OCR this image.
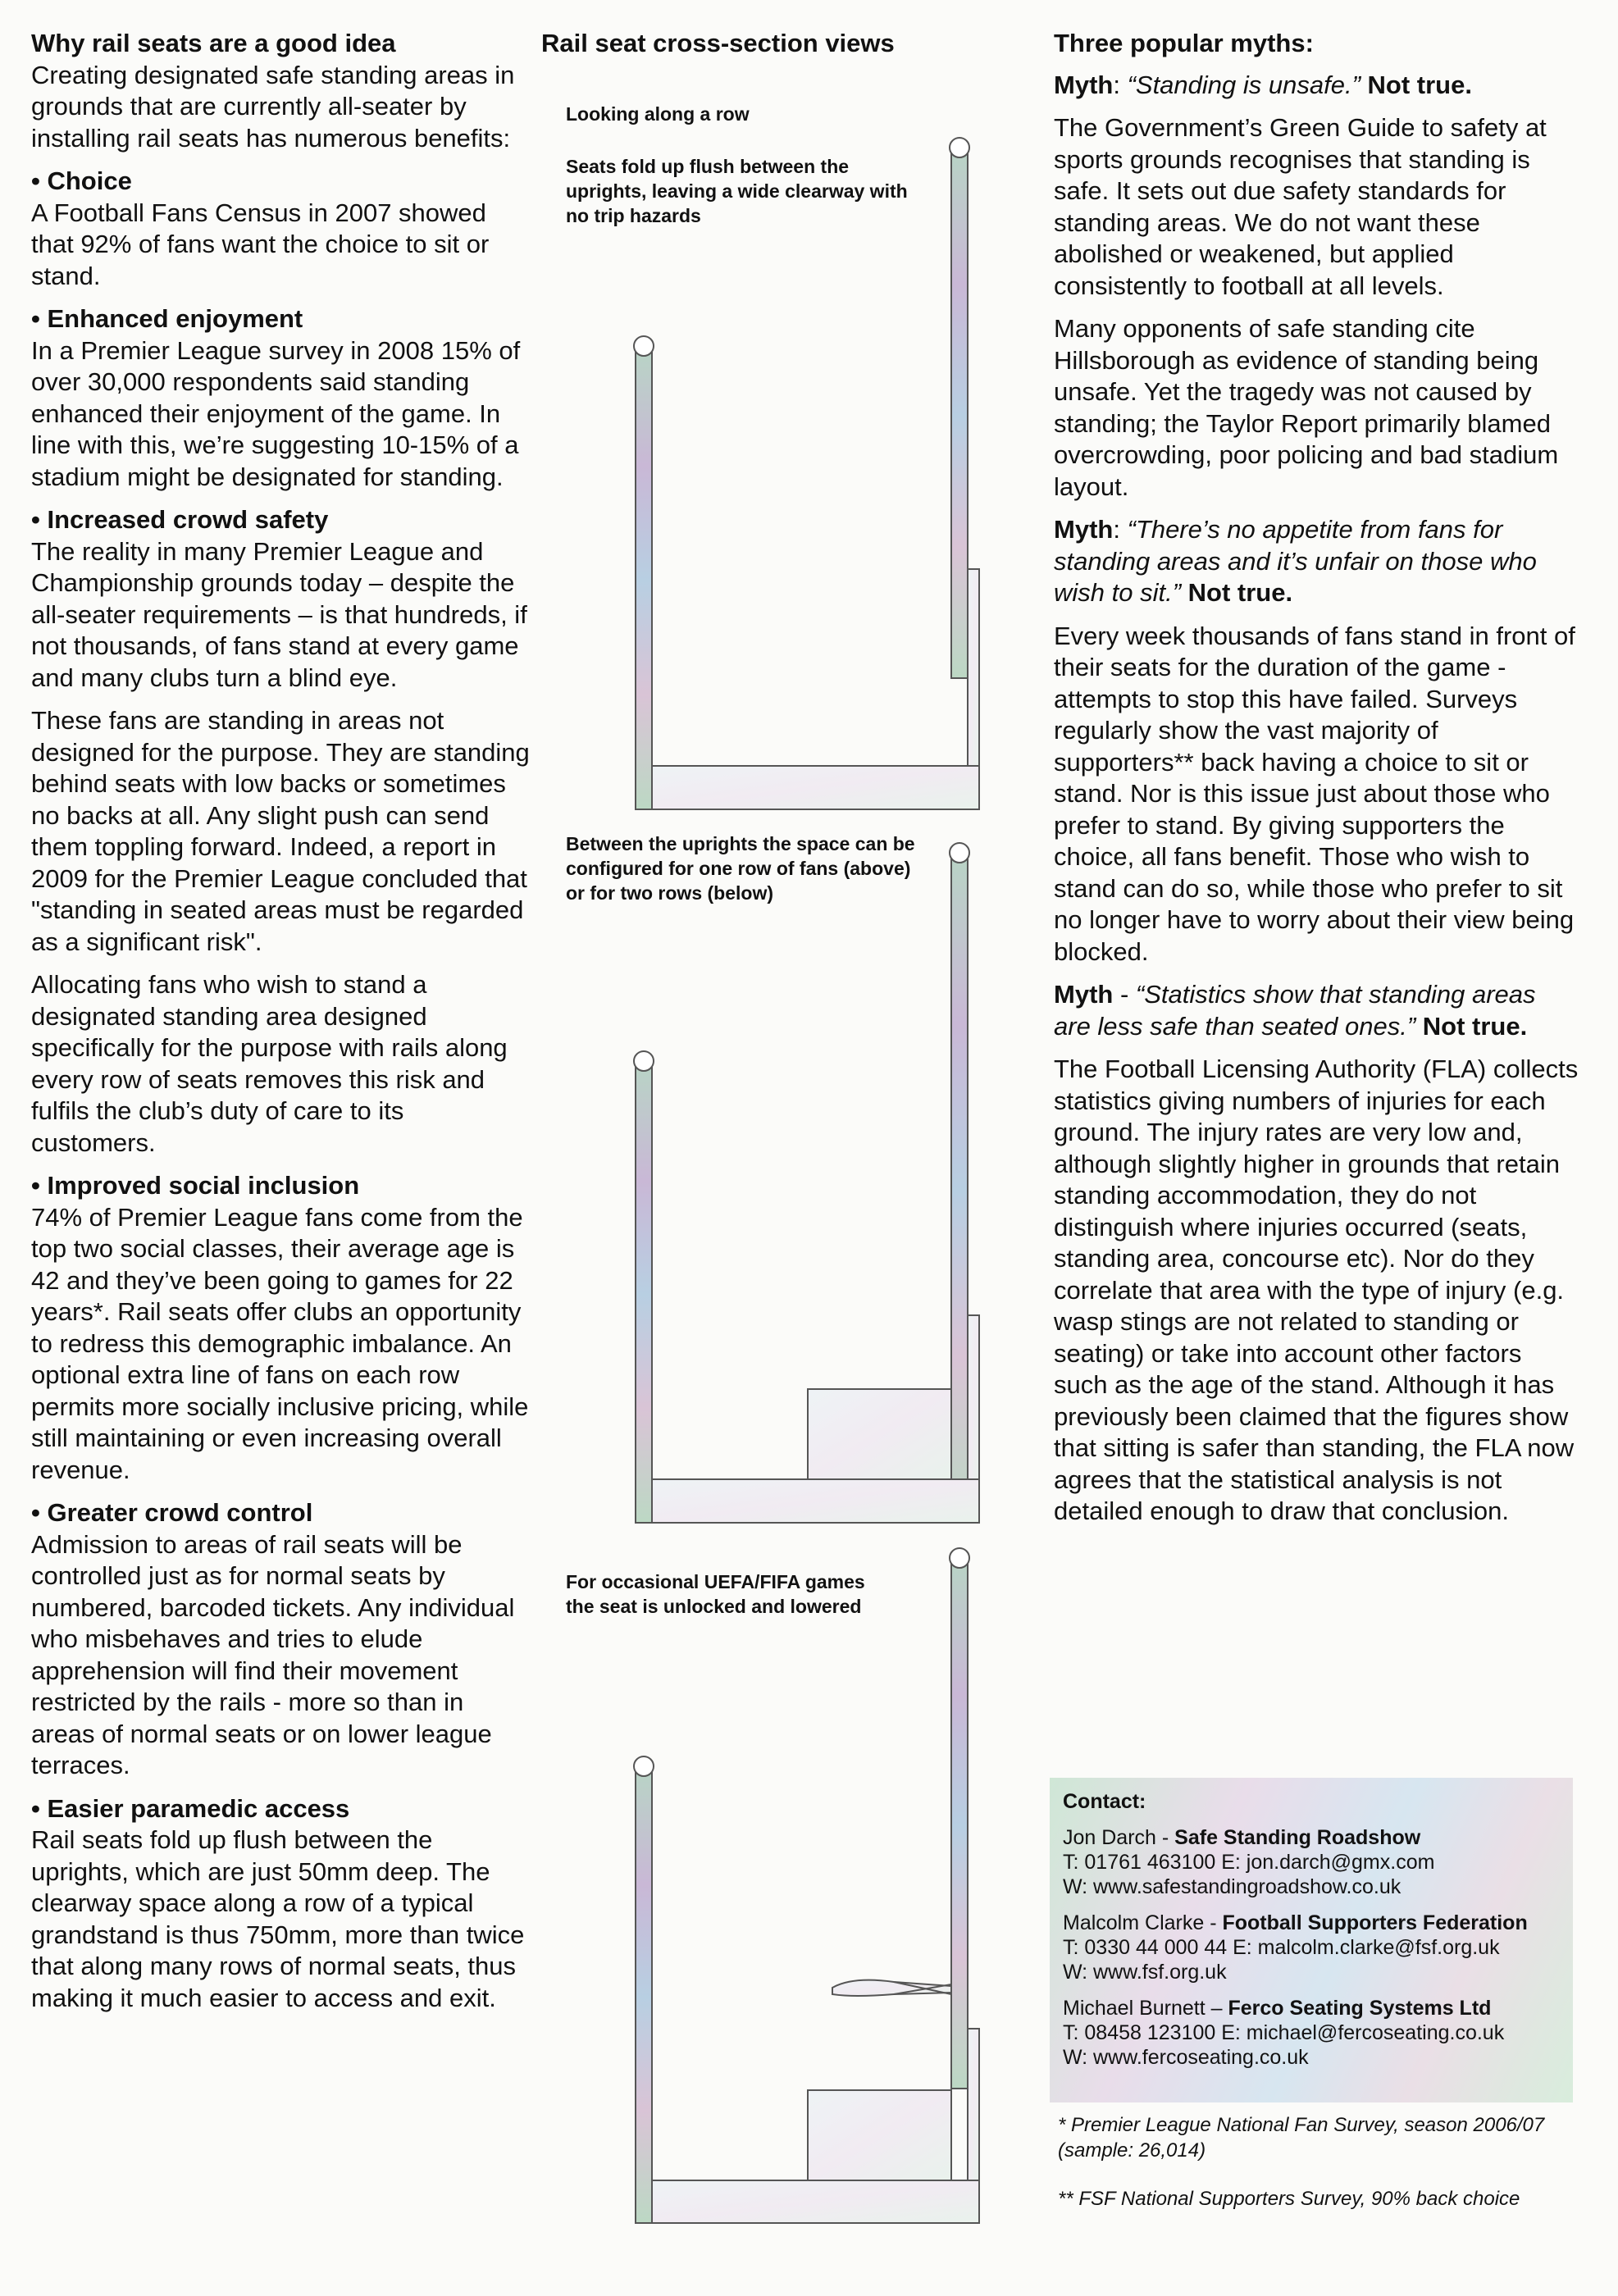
Why rail seats are a good idea

Creating designated safe standing areas in grounds that are currently all-seater by installing rail seats has numerous benefits:

• Choice

A Football Fans Census in 2007 showed that 92% of fans want the choice to sit or stand.

• Enhanced enjoyment

In a Premier League survey in 2008 15% of over 30,000 respondents said standing enhanced their enjoyment of the game. In line with this, we’re suggesting 10-15% of a stadium might be designated for standing.

• Increased crowd safety

The reality in many Premier League and Championship grounds today – despite the all-seater requirements – is that hundreds, if not thousands, of fans stand at every game and many clubs turn a blind eye.

These fans are standing in areas not designed for the purpose. They are standing behind seats with low backs or sometimes no backs at all. Any slight push can send them toppling forward. Indeed, a report in 2009 for the Premier League concluded that "standing in seated areas must be regarded as a significant risk".

Allocating fans who wish to stand a designated standing area designed specifically for the purpose with rails along every row of seats removes this risk and fulfils the club’s duty of care to its customers.

• Improved social inclusion

74% of Premier League fans come from the top two social classes, their average age is 42 and they’ve been going to games for 22 years*. Rail seats offer clubs an opportunity to redress this demographic imbalance. An optional extra line of fans on each row permits more socially inclusive pricing, while still maintaining or even increasing overall revenue.

• Greater crowd control

Admission to areas of rail seats will be controlled just as for normal seats by numbered, barcoded tickets. Any individual who misbehaves and tries to elude apprehension will find their movement restricted by the rails - more so than in areas of normal seats or on lower league terraces.

• Easier paramedic access

Rail seats fold up flush between the uprights, which are just 50mm deep. The clearway space along a row of a typical grandstand is thus 750mm, more than twice that along many rows of normal seats, thus making it much easier to access and exit.

Rail seat cross-section views
Looking along a row
Seats fold up flush between the uprights, leaving a wide clearway with no trip hazards
Between the uprights the space can be configured for one row of fans (above) or for two rows (below)
For occasional UEFA/FIFA games the seat is unlocked and lowered
Three popular myths:

Myth: “Standing is unsafe.” Not true.

The Government’s Green Guide to safety at sports grounds recognises that standing is safe. It sets out due safety standards for standing areas. We do not want these abolished or weakened, but applied consistently to football at all levels.

Many opponents of safe standing cite Hillsborough as evidence of standing being unsafe. Yet the tragedy was not caused by standing; the Taylor Report primarily blamed overcrowding, poor policing and bad stadium layout.

Myth: “There’s no appetite from fans for standing areas and it’s unfair on those who wish to sit.” Not true.

Every week thousands of fans stand in front of their seats for the duration of the game - attempts to stop this have failed. Surveys regularly show the vast majority of supporters** back having a choice to sit or stand. Nor is this issue just about those who prefer to stand. By giving supporters the choice, all fans benefit. Those who wish to stand can do so, while those who prefer to sit no longer have to worry about their view being blocked.

Myth - “Statistics show that standing areas are less safe than seated ones.” Not true.

The Football Licensing Authority (FLA) collects statistics giving numbers of injuries for each ground. The injury rates are very low and, although slightly higher in grounds that retain standing accommodation, they do not distinguish where injuries occurred (seats, standing area, concourse etc). Nor do they correlate that area with the type of injury (e.g. wasp stings are not related to standing or seating) or take into account other factors such as the age of the stand. Although it has previously been claimed that the figures show that sitting is safer than standing, the FLA now agrees that the statistical analysis is not detailed enough to draw that conclusion.

Contact:
Jon Darch - Safe Standing Roadshow
T: 01761 463100 E: jon.darch@gmx.com
W: www.safestandingroadshow.co.uk
Malcolm Clarke - Football Supporters Federation
T: 0330 44 000 44 E: malcolm.clarke@fsf.org.uk
W: www.fsf.org.uk
Michael Burnett – Ferco Seating Systems Ltd
T: 08458 123100 E: michael@fercoseating.co.uk
W: www.fercoseating.co.uk

* Premier League National Fan Survey, season 2006/07 (sample: 26,014)

** FSF National Supporters Survey, 90% back choice
